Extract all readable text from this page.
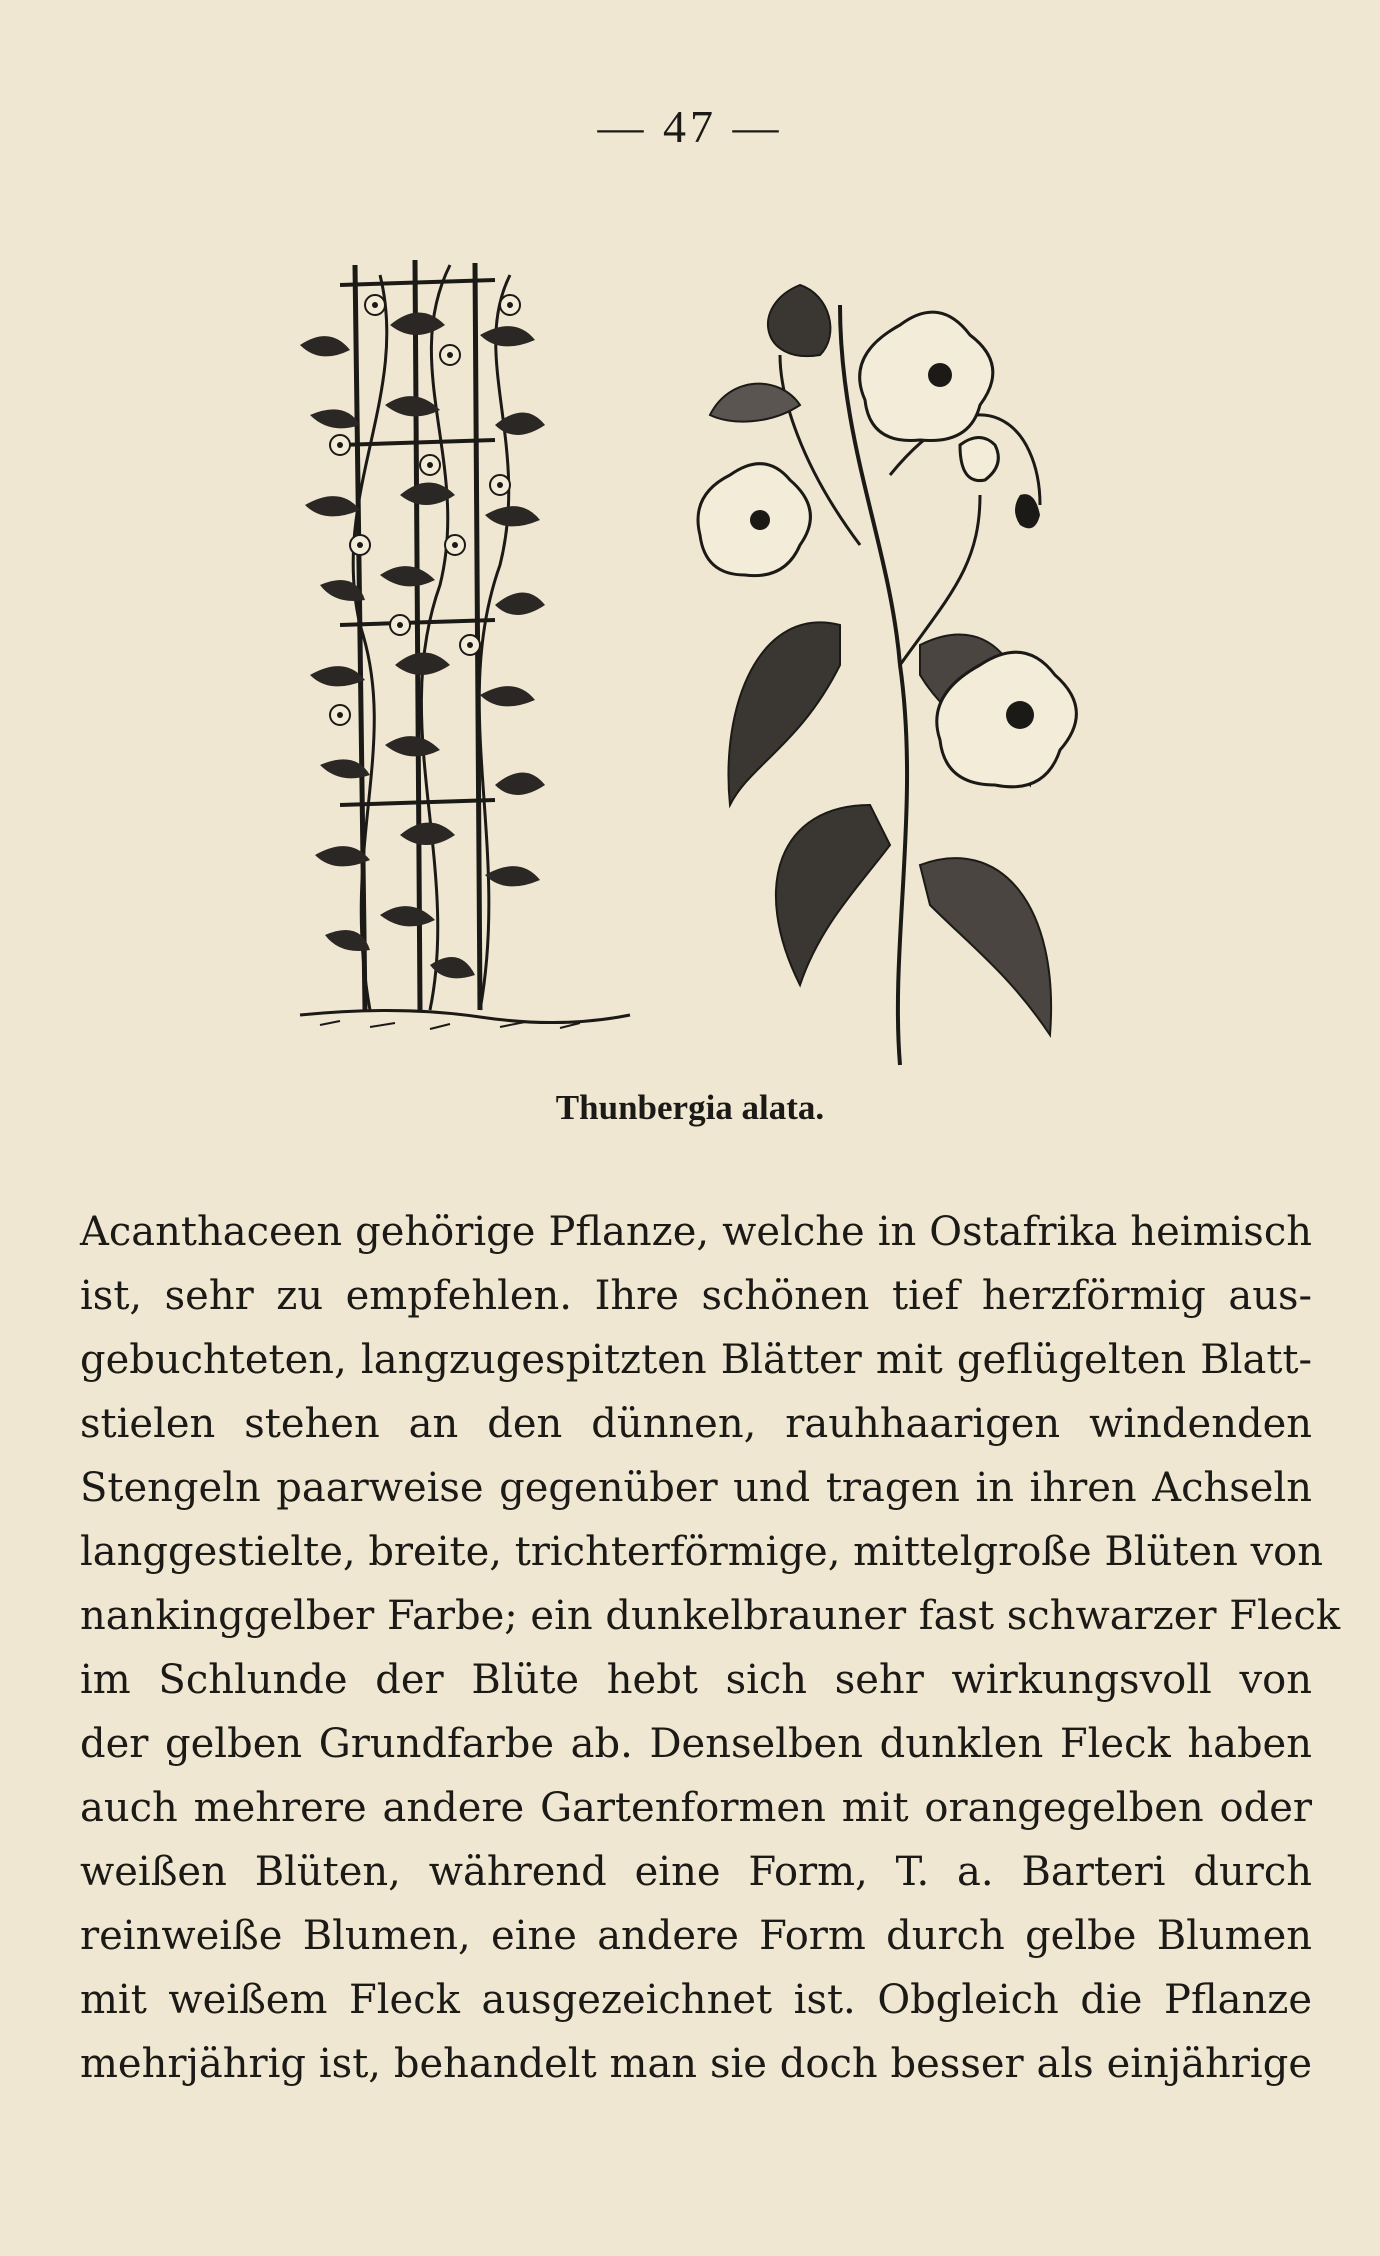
— 47 —
Thunbergia alata.
Acanthaceen gehörige Pflanze, welche in Ostafrika heimisch
ist, sehr zu empfehlen. Ihre schönen tief herzförmig aus-
gebuchteten, langzugespitzten Blätter mit geflügelten Blatt-
stielen stehen an den dünnen, rauhhaarigen windenden
Stengeln paarweise gegenüber und tragen in ihren Achseln
langgestielte, breite, trichterförmige, mittelgroße Blüten von
nankinggelber Farbe; ein dunkelbrauner fast schwarzer Fleck
im Schlunde der Blüte hebt sich sehr wirkungsvoll von
der gelben Grundfarbe ab. Denselben dunklen Fleck haben
auch mehrere andere Gartenformen mit orangegelben oder
weißen Blüten, während eine Form, T. a. Barteri durch
reinweiße Blumen, eine andere Form durch gelbe Blumen
mit weißem Fleck ausgezeichnet ist. Obgleich die Pflanze
mehrjährig ist, behandelt man sie doch besser als einjährige
